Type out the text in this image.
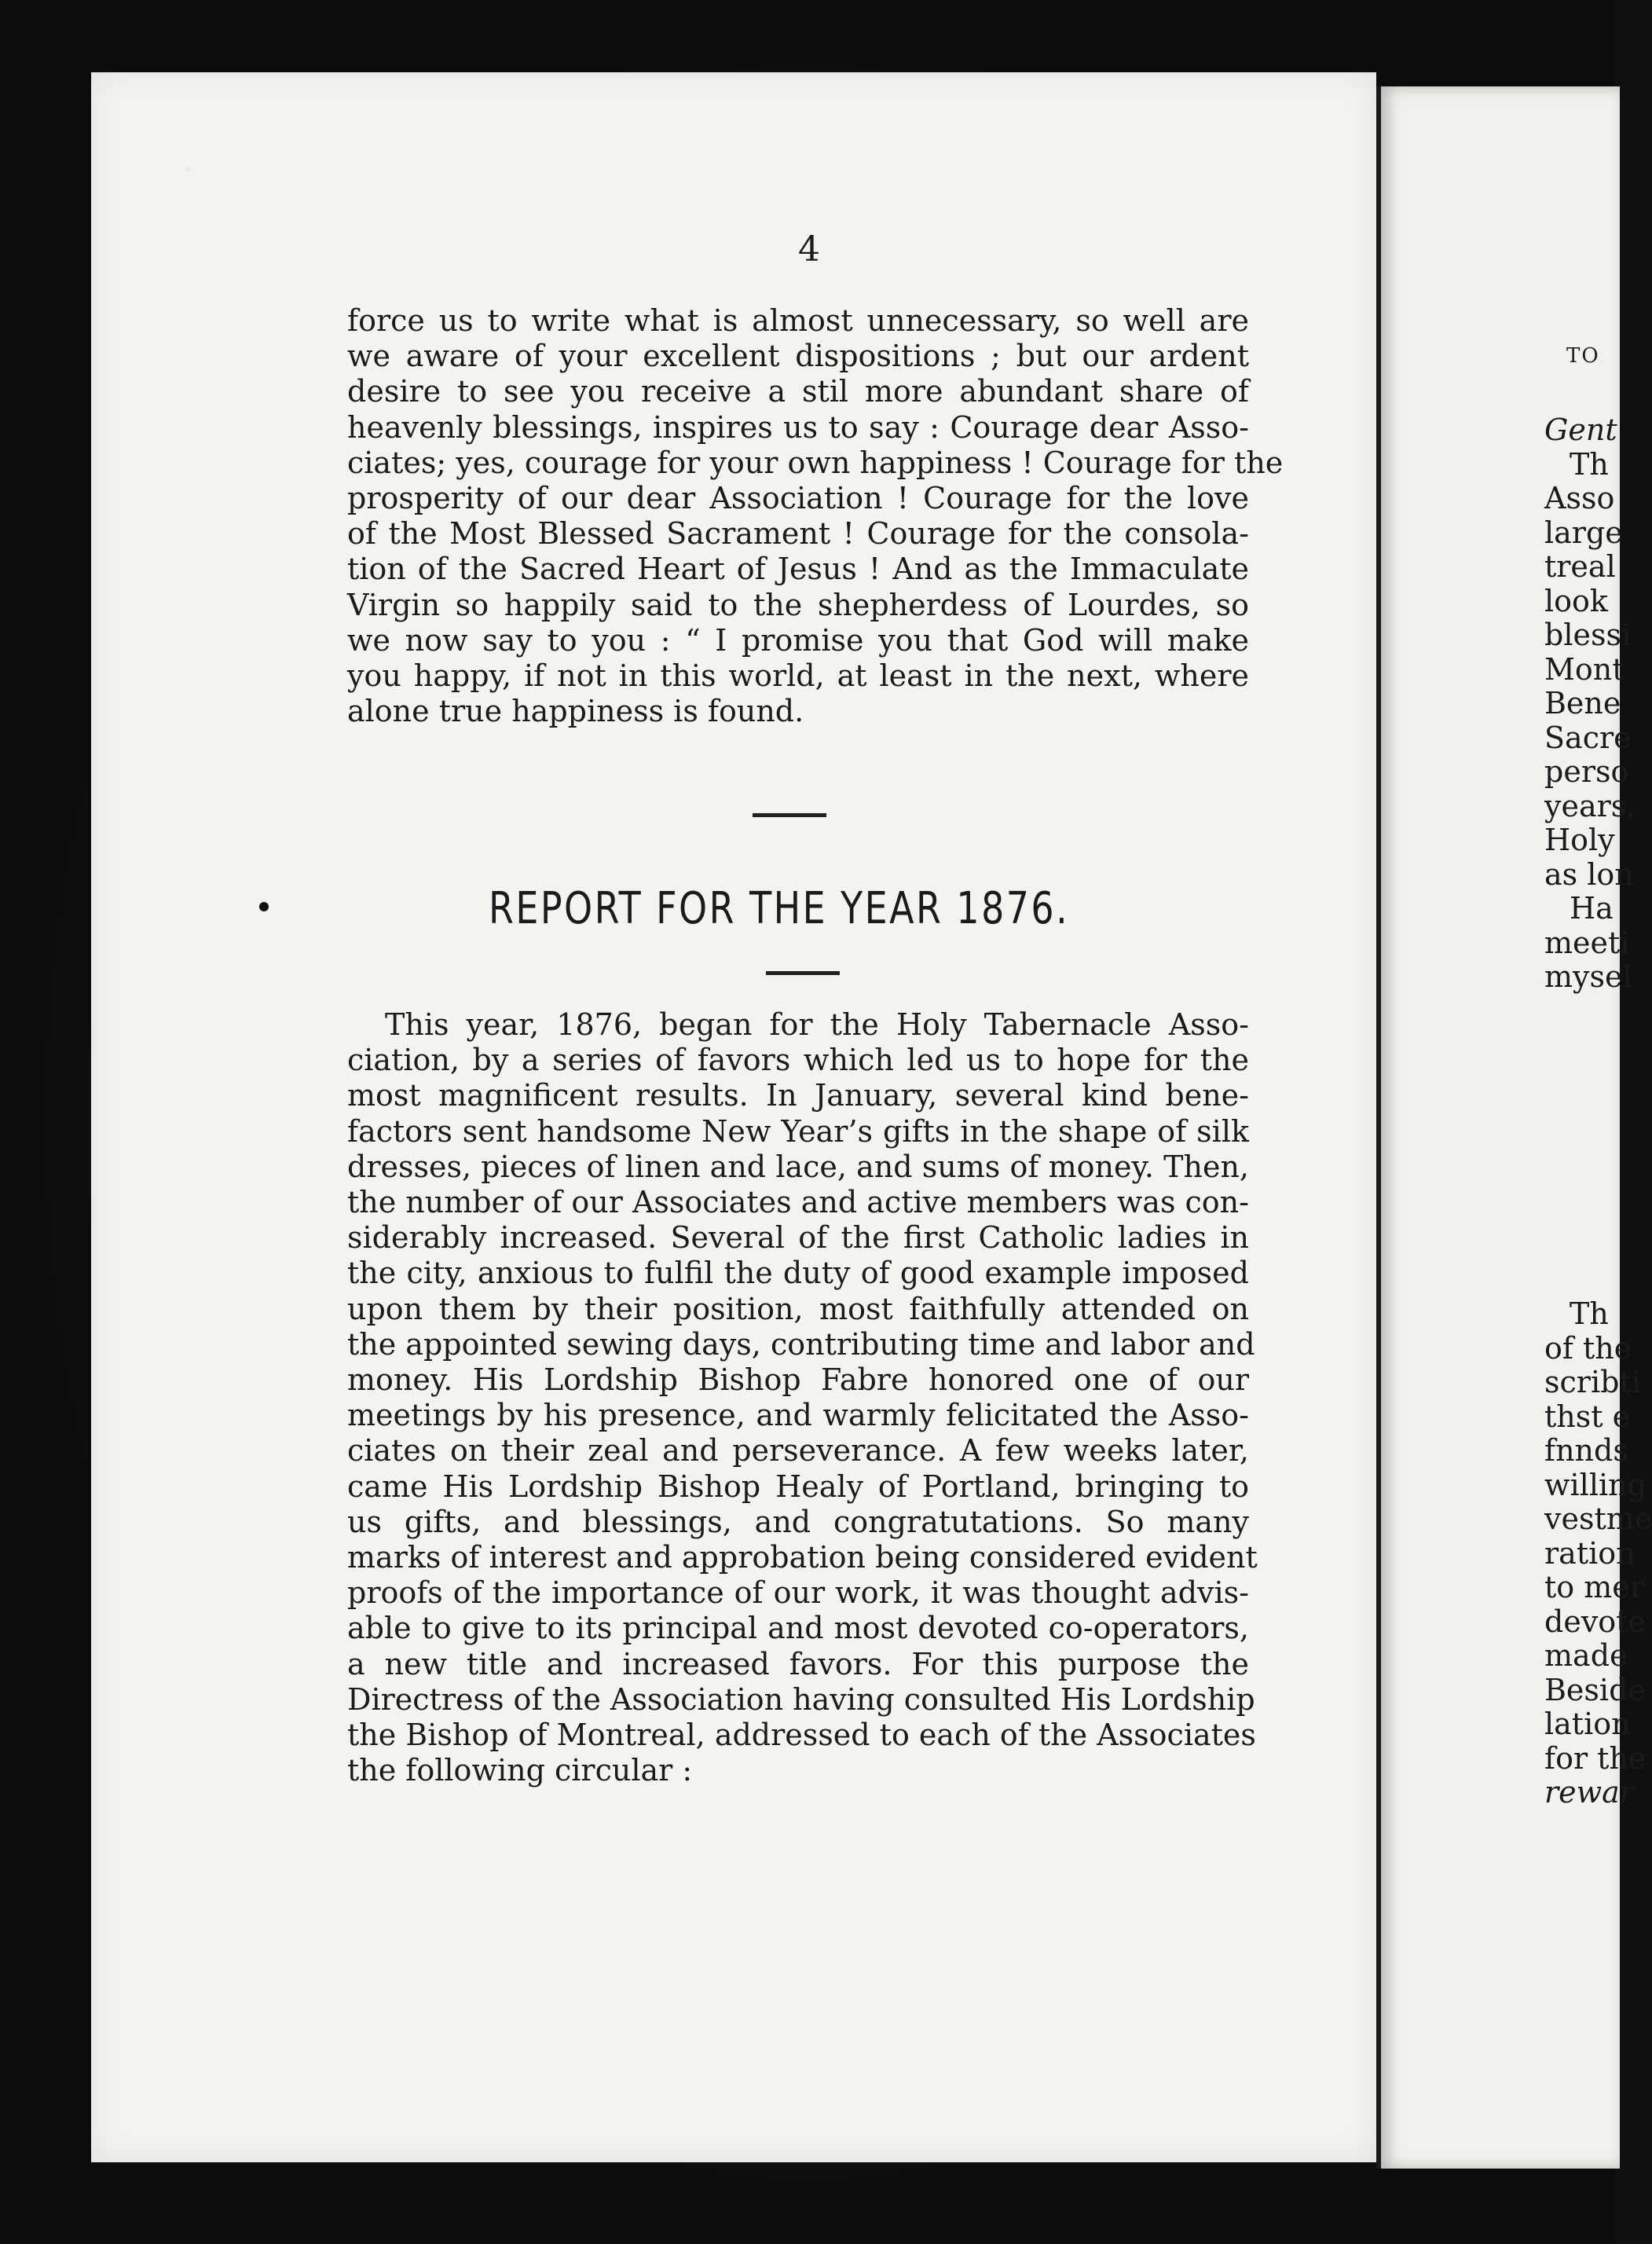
4
force us to write what is almost unnecessary, so well are
we aware of your excellent dispositions ; but our ardent
desire to see you receive a stil more abundant share of
heavenly blessings, inspires us to say : Courage dear Asso-
ciates; yes, courage for your own happiness ! Courage for the
prosperity of our dear Association ! Courage for the love
of the Most Blessed Sacrament ! Courage for the consola-
tion of the Sacred Heart of Jesus ! And as the Immaculate
Virgin so happily said to the shepherdess of Lourdes, so
we now say to you : “ I promise you that God will make
you happy, if not in this world, at least in the next, where
alone true happiness is found.
REPORT FOR THE YEAR 1876.
This year, 1876, began for the Holy Tabernacle Asso-
ciation, by a series of favors which led us to hope for the
most magnificent results. In January, several kind bene-
factors sent handsome New Year’s gifts in the shape of silk
dresses, pieces of linen and lace, and sums of money. Then,
the number of our Associates and active members was con-
siderably increased. Several of the first Catholic ladies in
the city, anxious to fulfil the duty of good example imposed
upon them by their position, most faithfully attended on
the appointed sewing days, contributing time and labor and
money. His Lordship Bishop Fabre honored one of our
meetings by his presence, and warmly felicitated the Asso-
ciates on their zeal and perseverance. A few weeks later,
came His Lordship Bishop Healy of Portland, bringing to
us gifts, and blessings, and congratutations. So many
marks of interest and approbation being considered evident
proofs of the importance of our work, it was thought advis-
able to give to its principal and most devoted co-operators,
a new title and increased favors. For this purpose the
Directress of the Association having consulted His Lordship
the Bishop of Montreal, addressed to each of the Associates
the following circular :
TO
Gent
Th
Asso
large
treal
look
blessi
Mont
Bene
Sacre
perso
years,
Holy
as lon
Ha
meeti
mysel
Th
of the
scribti
thst e
fnnds
willing
vestme
ration
to mer
devote
made
Beside
lation
for the
rewar
